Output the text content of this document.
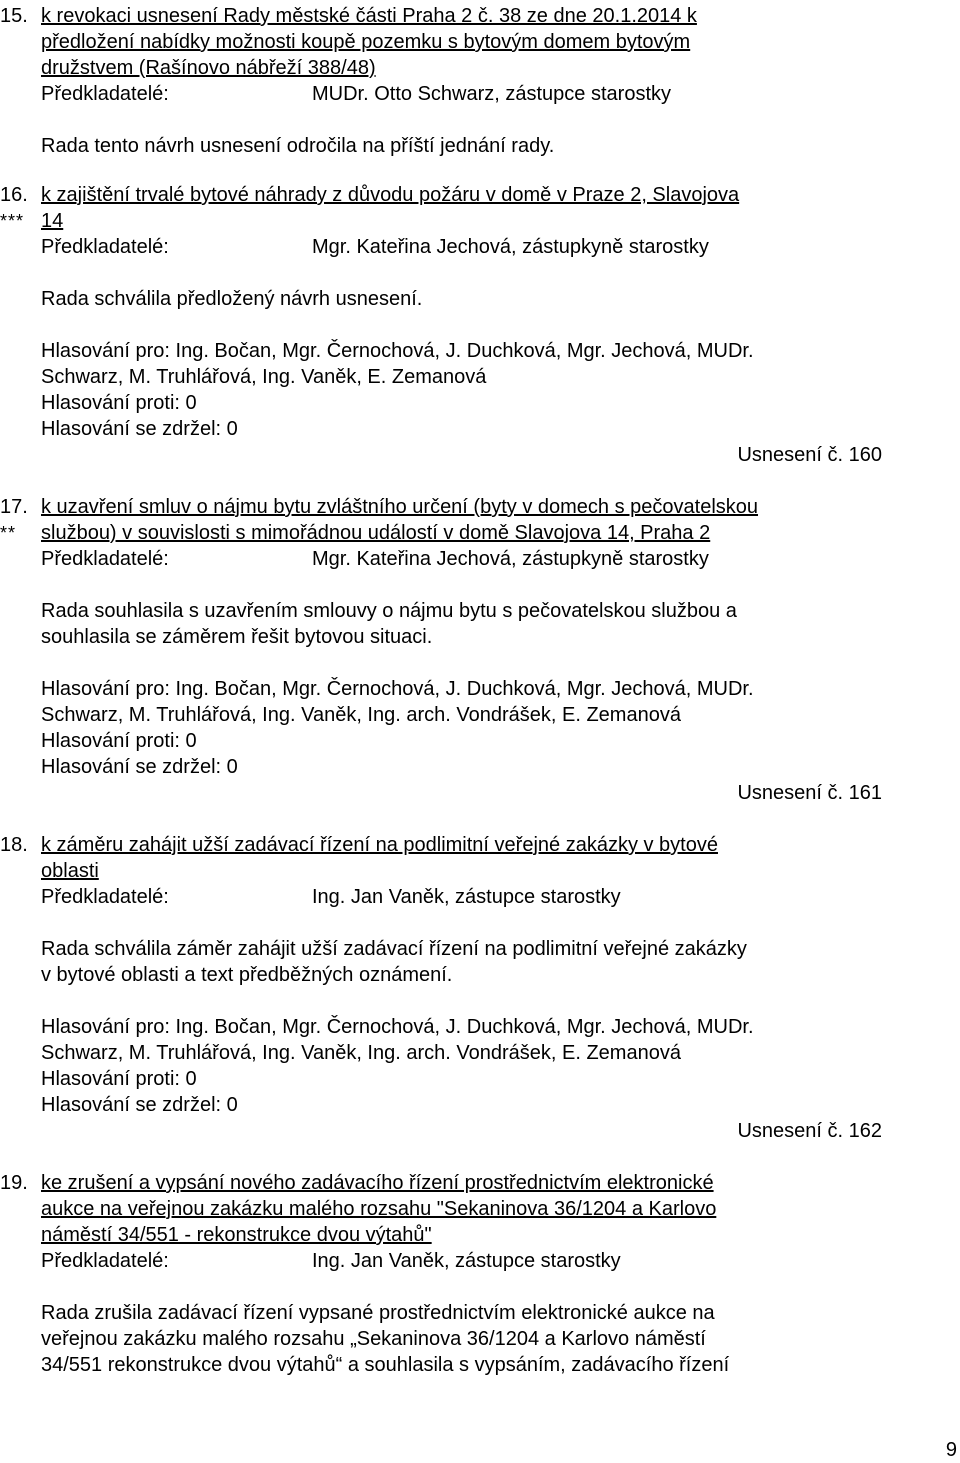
15. k revokaci usnesení Rady městské části Praha 2 č. 38 ze dne 20.1.2014 k
předložení nabídky možnosti koupě pozemku s bytovým domem bytovým
družstvem (Rašínovo nábřeží 388/48)
Předkladatelé:	MUDr. Otto Schwarz, zástupce starostky
Rada tento návrh usnesení odročila na příští jednání rady.
16.
***
k zajištění trvalé bytové náhrady z důvodu požáru v domě v Praze 2, Slavojova
14
Předkladatelé:	Mgr. Kateřina Jechová, zástupkyně starostky
Rada schválila předložený návrh usnesení.
Hlasování pro: Ing. Bočan, Mgr. Černochová, J. Duchková, Mgr. Jechová, MUDr.
Schwarz, M. Truhlářová, Ing. Vaněk, E. Zemanová
Hlasování proti: 0
Hlasování se zdržel: 0
Usnesení č. 160
17.
**
k uzavření smluv o nájmu bytu zvláštního určení (byty v domech s pečovatelskou
službou) v souvislosti s mimořádnou událostí v domě Slavojova 14, Praha 2
Předkladatelé:	Mgr. Kateřina Jechová, zástupkyně starostky
Rada souhlasila s uzavřením smlouvy o nájmu bytu s pečovatelskou službou a
souhlasila se záměrem řešit bytovou situaci.
Hlasování pro: Ing. Bočan, Mgr. Černochová, J. Duchková, Mgr. Jechová, MUDr.
Schwarz, M. Truhlářová, Ing. Vaněk, Ing. arch. Vondrášek, E. Zemanová
Hlasování proti: 0
Hlasování se zdržel: 0
Usnesení č. 161
18. k záměru zahájit užší zadávací řízení na podlimitní veřejné zakázky v bytové
oblasti
Předkladatelé:	Ing. Jan Vaněk, zástupce starostky
Rada schválila záměr zahájit užší zadávací řízení na podlimitní veřejné zakázky
v bytové oblasti a text předběžných oznámení.
Hlasování pro: Ing. Bočan, Mgr. Černochová, J. Duchková, Mgr. Jechová, MUDr.
Schwarz, M. Truhlářová, Ing. Vaněk, Ing. arch. Vondrášek, E. Zemanová
Hlasování proti: 0
Hlasování se zdržel: 0
Usnesení č. 162
19. ke zrušení a vypsání nového zadávacího řízení prostřednictvím elektronické
aukce na veřejnou zakázku malého rozsahu "Sekaninova 36/1204 a Karlovo
náměstí 34/551 - rekonstrukce dvou výtahů"
Předkladatelé:	Ing. Jan Vaněk, zástupce starostky
Rada zrušila zadávací řízení vypsané prostřednictvím elektronické aukce na
veřejnou zakázku malého rozsahu „Sekaninova 36/1204 a Karlovo náměstí
34/551 rekonstrukce dvou výtahů“ a souhlasila s vypsáním, zadávacího řízení
9
